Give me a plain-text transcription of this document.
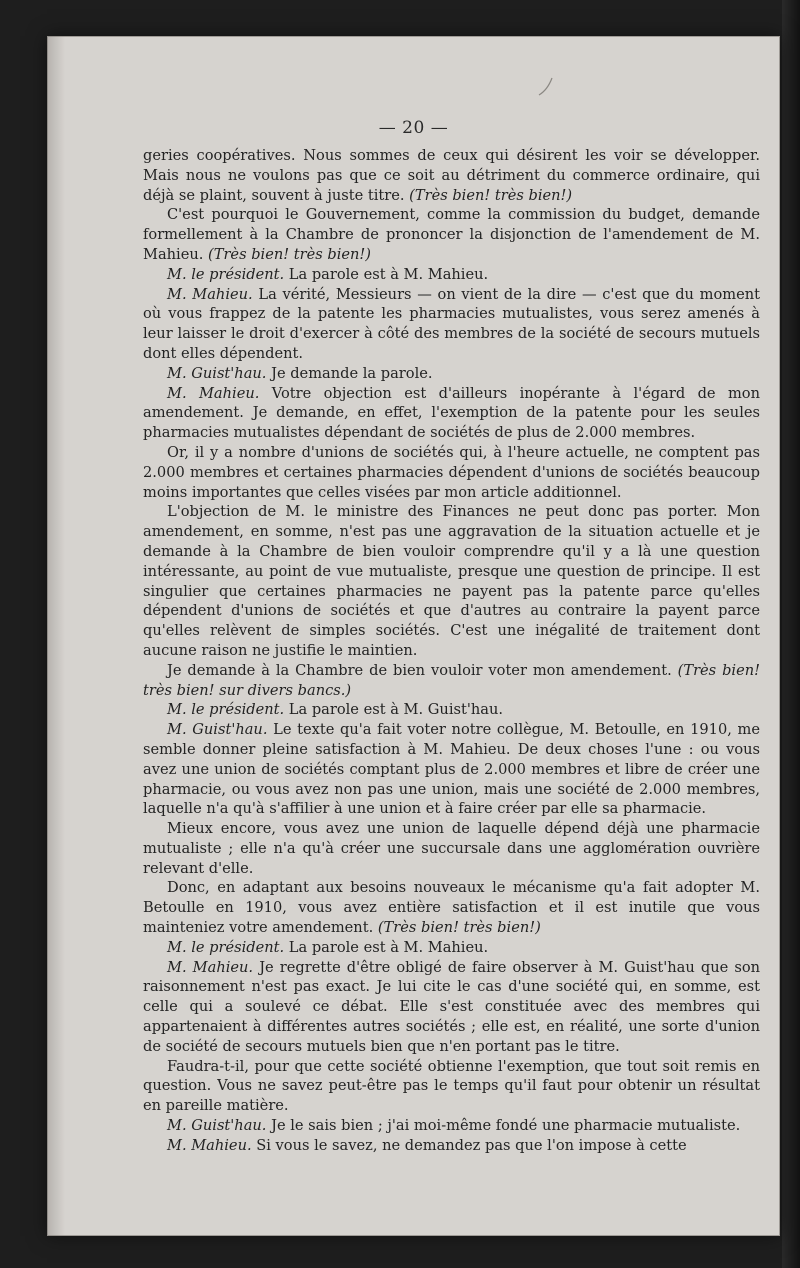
— 20 —

geries coopératives. Nous sommes de ceux qui désirent les voir se développer. Mais nous ne voulons pas que ce soit au détriment du commerce ordinaire, qui déjà se plaint, souvent à juste titre. (Très bien! très bien!)

C'est pourquoi le Gouvernement, comme la commission du budget, demande formellement à la Chambre de prononcer la disjonction de l'amendement de M. Mahieu. (Très bien! très bien!)

M. le président. La parole est à M. Mahieu.

M. Mahieu. La vérité, Messieurs — on vient de la dire — c'est que du moment où vous frappez de la patente les pharmacies mutualistes, vous serez amenés à leur laisser le droit d'exercer à côté des membres de la société de secours mutuels dont elles dépendent.

M. Guist'hau. Je demande la parole.

M. Mahieu. Votre objection est d'ailleurs inopérante à l'égard de mon amendement. Je demande, en effet, l'exemption de la patente pour les seules pharmacies mutualistes dépendant de sociétés de plus de 2.000 membres.

Or, il y a nombre d'unions de sociétés qui, à l'heure actuelle, ne comptent pas 2.000 membres et certaines pharmacies dépendent d'unions de sociétés beaucoup moins importantes que celles visées par mon article additionnel.

L'objection de M. le ministre des Finances ne peut donc pas porter. Mon amendement, en somme, n'est pas une aggravation de la situation actuelle et je demande à la Chambre de bien vouloir comprendre qu'il y a là une question intéressante, au point de vue mutualiste, presque une question de principe. Il est singulier que certaines pharmacies ne payent pas la patente parce qu'elles dépendent d'unions de sociétés et que d'autres au contraire la payent parce qu'elles relèvent de simples sociétés. C'est une inégalité de traitement dont aucune raison ne justifie le maintien.

Je demande à la Chambre de bien vouloir voter mon amendement. (Très bien! très bien! sur divers bancs.)

M. le président. La parole est à M. Guist'hau.

M. Guist'hau. Le texte qu'a fait voter notre collègue, M. Betoulle, en 1910, me semble donner pleine satisfaction à M. Mahieu. De deux choses l'une : ou vous avez une union de sociétés comptant plus de 2.000 membres et libre de créer une pharmacie, ou vous avez non pas une union, mais une société de 2.000 membres, laquelle n'a qu'à s'affilier à une union et à faire créer par elle sa pharmacie.

Mieux encore, vous avez une union de laquelle dépend déjà une pharmacie mutualiste ; elle n'a qu'à créer une succursale dans une agglomération ouvrière relevant d'elle.

Donc, en adaptant aux besoins nouveaux le mécanisme qu'a fait adopter M. Betoulle en 1910, vous avez entière satisfaction et il est inutile que vous mainteniez votre amendement. (Très bien! très bien!)

M. le président. La parole est à M. Mahieu.

M. Mahieu. Je regrette d'être obligé de faire observer à M. Guist'hau que son raisonnement n'est pas exact. Je lui cite le cas d'une société qui, en somme, est celle qui a soulevé ce débat. Elle s'est constituée avec des membres qui appartenaient à différentes autres sociétés ; elle est, en réalité, une sorte d'union de société de secours mutuels bien que n'en portant pas le titre.

Faudra-t-il, pour que cette société obtienne l'exemption, que tout soit remis en question. Vous ne savez peut-être pas le temps qu'il faut pour obtenir un résultat en pareille matière.

M. Guist'hau. Je le sais bien ; j'ai moi-même fondé une pharmacie mutualiste.

M. Mahieu. Si vous le savez, ne demandez pas que l'on impose à cette
